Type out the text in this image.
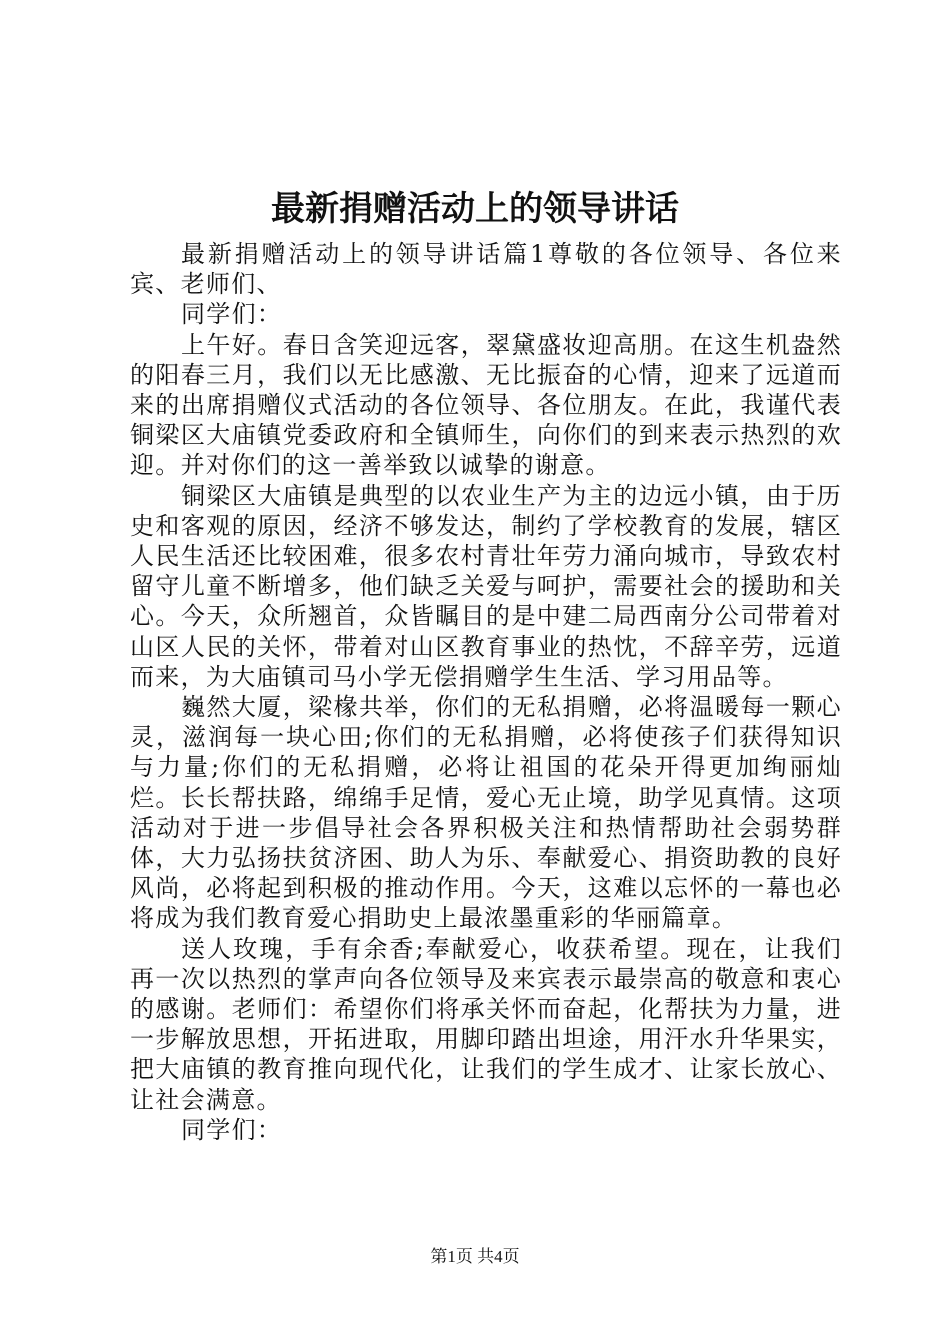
最新捐赠活动上的领导讲话

最新捐赠活动上的领导讲话篇1尊敬的各位领导、各位来宾、老师们、

同学们：

上午好。春日含笑迎远客，翠黛盛妆迎高朋。在这生机盎然的阳春三月，我们以无比感激、无比振奋的心情，迎来了远道而来的出席捐赠仪式活动的各位领导、各位朋友。在此，我谨代表铜梁区大庙镇党委政府和全镇师生，向你们的到来表示热烈的欢迎。并对你们的这一善举致以诚挚的谢意。

铜梁区大庙镇是典型的以农业生产为主的边远小镇，由于历史和客观的原因，经济不够发达，制约了学校教育的发展，辖区人民生活还比较困难，很多农村青壮年劳力涌向城市，导致农村留守儿童不断增多，他们缺乏关爱与呵护，需要社会的援助和关心。今天，众所翘首，众皆瞩目的是中建二局西南分公司带着对山区人民的关怀，带着对山区教育事业的热忱，不辞辛劳，远道而来，为大庙镇司马小学无偿捐赠学生生活、学习用品等。

巍然大厦，梁椽共举，你们的无私捐赠，必将温暖每一颗心灵，滋润每一块心田;你们的无私捐赠，必将使孩子们获得知识与力量;你们的无私捐赠，必将让祖国的花朵开得更加绚丽灿烂。长长帮扶路，绵绵手足情，爱心无止境，助学见真情。这项活动对于进一步倡导社会各界积极关注和热情帮助社会弱势群体，大力弘扬扶贫济困、助人为乐、奉献爱心、捐资助教的良好风尚，必将起到积极的推动作用。今天，这难以忘怀的一幕也必将成为我们教育爱心捐助史上最浓墨重彩的华丽篇章。

送人玫瑰，手有余香;奉献爱心，收获希望。现在，让我们再一次以热烈的掌声向各位领导及来宾表示最崇高的敬意和衷心的感谢。老师们：希望你们将承关怀而奋起，化帮扶为力量，进一步解放思想，开拓进取，用脚印踏出坦途，用汗水升华果实，把大庙镇的教育推向现代化，让我们的学生成才、让家长放心、让社会满意。

同学们：

第1页 共4页
